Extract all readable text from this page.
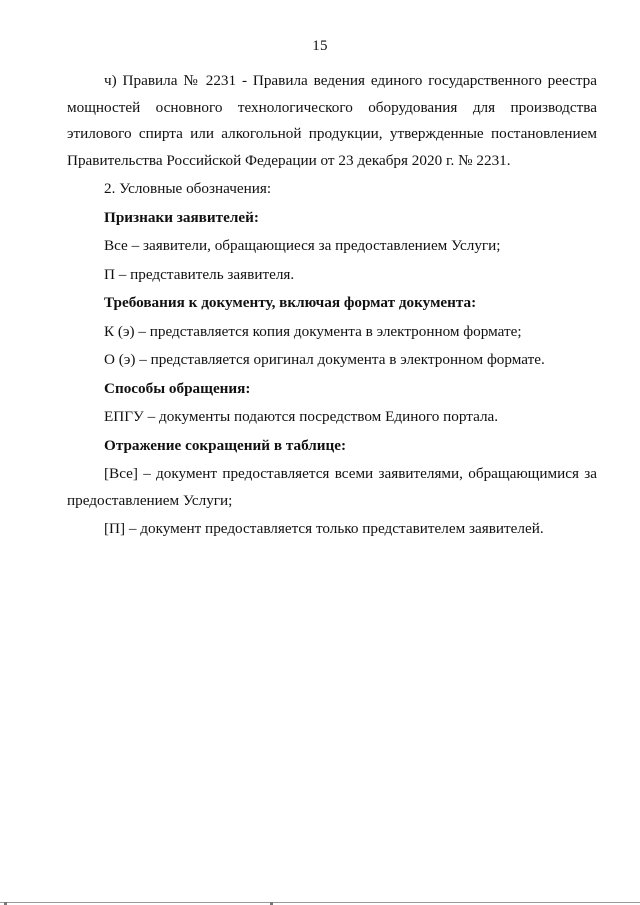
15

ч) Правила № 2231 - Правила ведения единого государственного реестра

мощностей основного технологического оборудования для производства

этилового спирта или алкогольной продукции, утвержденные постановлением

Правительства Российской Федерации от 23 декабря 2020 г. № 2231.

2. Условные обозначения:

Признаки заявителей:

Все – заявители, обращающиеся за предоставлением Услуги;

П – представитель заявителя.

Требования к документу, включая формат документа:

К (э) – представляется копия документа в электронном формате;

О (э) – представляется оригинал документа в электронном формате.

Способы обращения:

ЕПГУ – документы подаются посредством Единого портала.

Отражение сокращений в таблице:

[Все] – документ предоставляется всеми заявителями, обращающимися за

предоставлением Услуги;

[П] – документ предоставляется только представителем заявителей.
